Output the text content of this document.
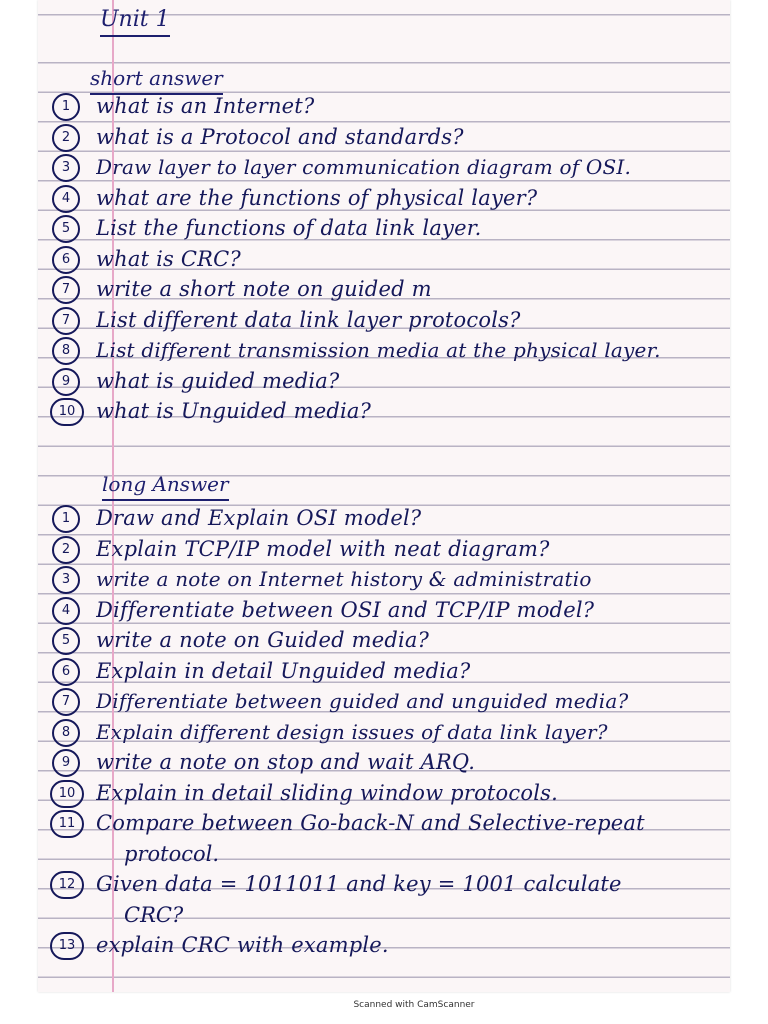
Unit 1
short answer
1	what is an Internet?
2	what is a Protocol and standards?
3	Draw layer to layer communication diagram of OSI.
4	what are the functions of physical layer?
5	List the functions of data link layer.
6	what is CRC?
7	write a short note on guided m
7	List different data link layer protocols?
8	List different transmission media at the physical layer.
9	what is guided media?
10 what is Unguided media?
long Answer
1	Draw and Explain OSI model?
2	Explain TCP/IP model with neat diagram?
3	write a note on Internet history & administratio
4	Differentiate between OSI and TCP/IP model?
5	write a note on Guided media?
6	Explain in detail Unguided media?
7	Differentiate between guided and unguided media?
8	Explain different design issues of data link layer?
9	write a note on stop and wait ARQ.
10 Explain in detail sliding window protocols.
11 Compare between Go-back-N and Selective-repeat
protocol.
12 Given data = 1011011 and key = 1001 calculate
CRC?
13 explain CRC with example.
Scanned with CamScanner
